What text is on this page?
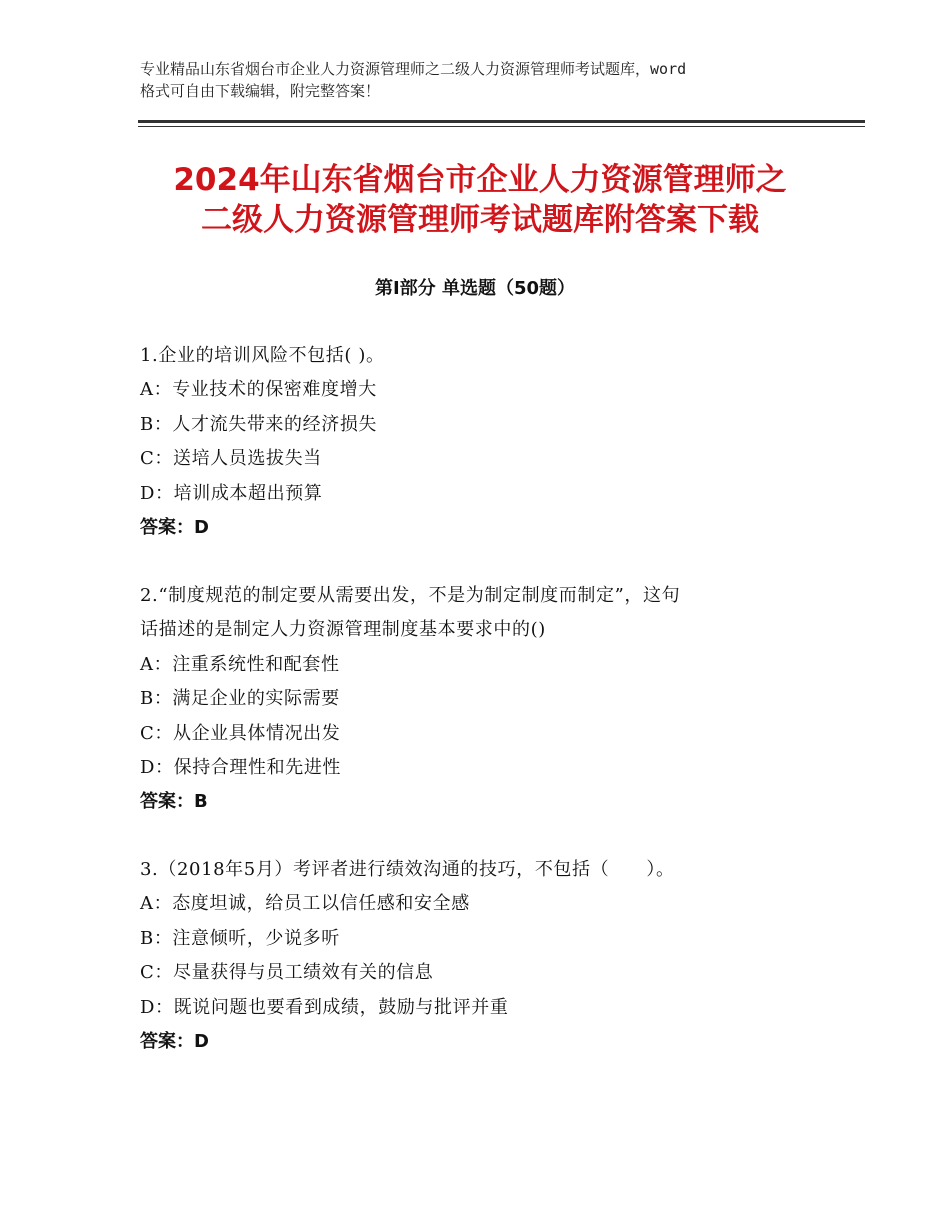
专业精品山东省烟台市企业人力资源管理师之二级人力资源管理师考试题库，word
格式可自由下载编辑，附完整答案！
2024年山东省烟台市企业人力资源管理师之
二级人力资源管理师考试题库附答案下载
第Ⅰ部分 单选题（50题）
1.企业的培训风险不包括( )。
A：专业技术的保密难度增大
B：人才流失带来的经济损失
C：送培人员选拔失当
D：培训成本超出预算
答案：D
2.“制度规范的制定要从需要出发，不是为制定制度而制定”，这句
话描述的是制定人力资源管理制度基本要求中的()
A：注重系统性和配套性
B：满足企业的实际需要
C：从企业具体情况出发
D：保持合理性和先进性
答案：B
3.（2018年5月）考评者进行绩效沟通的技巧，不包括（　　）。
A：态度坦诚，给员工以信任感和安全感
B：注意倾听，少说多听
C：尽量获得与员工绩效有关的信息
D：既说问题也要看到成绩，鼓励与批评并重
答案：D
